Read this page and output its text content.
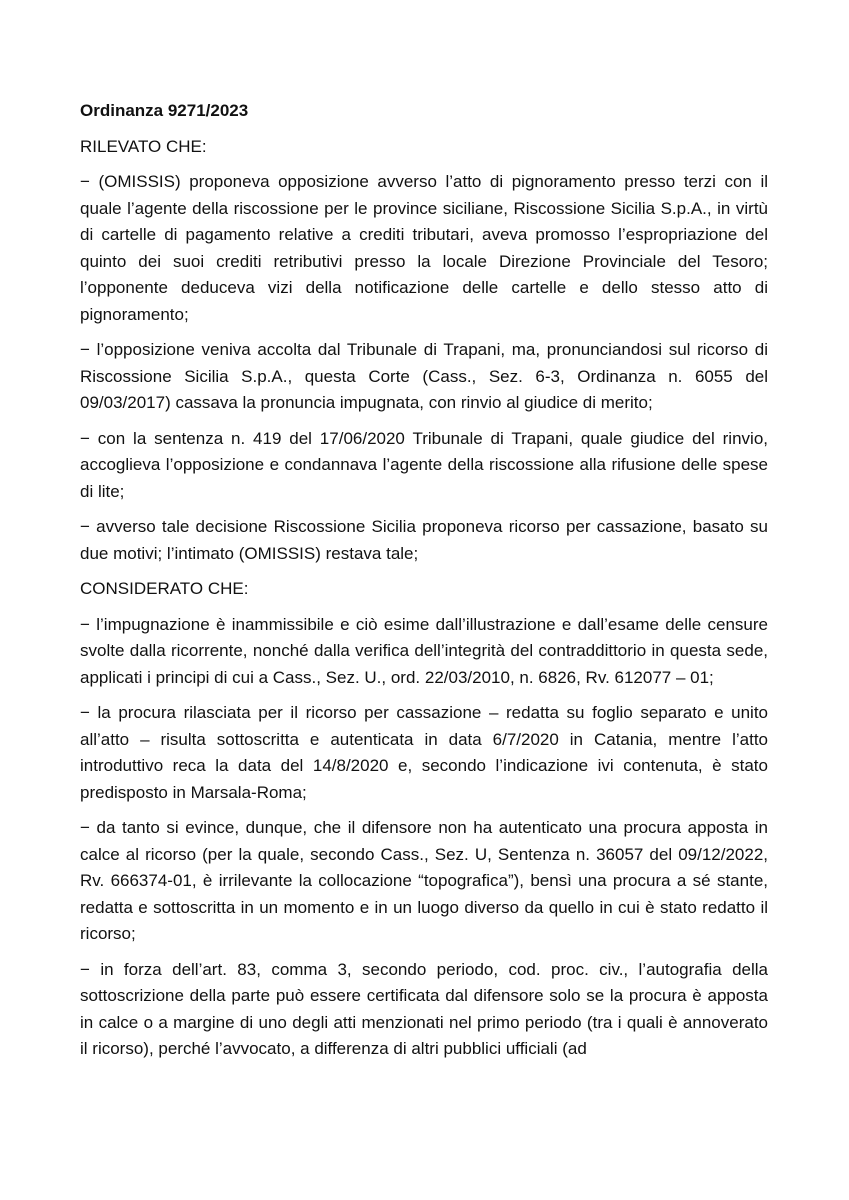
Ordinanza 9271/2023
RILEVATO CHE:
− (OMISSIS) proponeva opposizione avverso l’atto di pignoramento presso terzi con il quale l’agente della riscossione per le province siciliane, Riscossione Sicilia S.p.A., in virtù di cartelle di pagamento relative a crediti tributari, aveva promosso l’espropriazione del quinto dei suoi crediti retributivi presso la locale Direzione Provinciale del Tesoro; l’opponente deduceva vizi della notificazione delle cartelle e dello stesso atto di pignoramento;
− l’opposizione veniva accolta dal Tribunale di Trapani, ma, pronunciandosi sul ricorso di Riscossione Sicilia S.p.A., questa Corte (Cass., Sez. 6-3, Ordinanza n. 6055 del 09/03/2017) cassava la pronuncia impugnata, con rinvio al giudice di merito;
− con la sentenza n. 419 del 17/06/2020 Tribunale di Trapani, quale giudice del rinvio, accoglieva l’opposizione e condannava l’agente della riscossione alla rifusione delle spese di lite;
− avverso tale decisione Riscossione Sicilia proponeva ricorso per cassazione, basato su due motivi; l’intimato (OMISSIS) restava tale;
CONSIDERATO CHE:
− l’impugnazione è inammissibile e ciò esime dall’illustrazione e dall’esame delle censure svolte dalla ricorrente, nonché dalla verifica dell’integrità del contraddittorio in questa sede, applicati i principi di cui a Cass., Sez. U., ord. 22/03/2010, n. 6826, Rv. 612077 – 01;
− la procura rilasciata per il ricorso per cassazione – redatta su foglio separato e unito all’atto – risulta sottoscritta e autenticata in data 6/7/2020 in Catania, mentre l’atto introduttivo reca la data del 14/8/2020 e, secondo l’indicazione ivi contenuta, è stato predisposto in Marsala-Roma;
− da tanto si evince, dunque, che il difensore non ha autenticato una procura apposta in calce al ricorso (per la quale, secondo Cass., Sez. U, Sentenza n. 36057 del 09/12/2022, Rv. 666374-01, è irrilevante la collocazione “topografica”), bensì una procura a sé stante, redatta e sottoscritta in un momento e in un luogo diverso da quello in cui è stato redatto il ricorso;
− in forza dell’art. 83, comma 3, secondo periodo, cod. proc. civ., l’autografia della sottoscrizione della parte può essere certificata dal difensore solo se la procura è apposta in calce o a margine di uno degli atti menzionati nel primo periodo (tra i quali è annoverato il ricorso), perché l’avvocato, a differenza di altri pubblici ufficiali (ad
